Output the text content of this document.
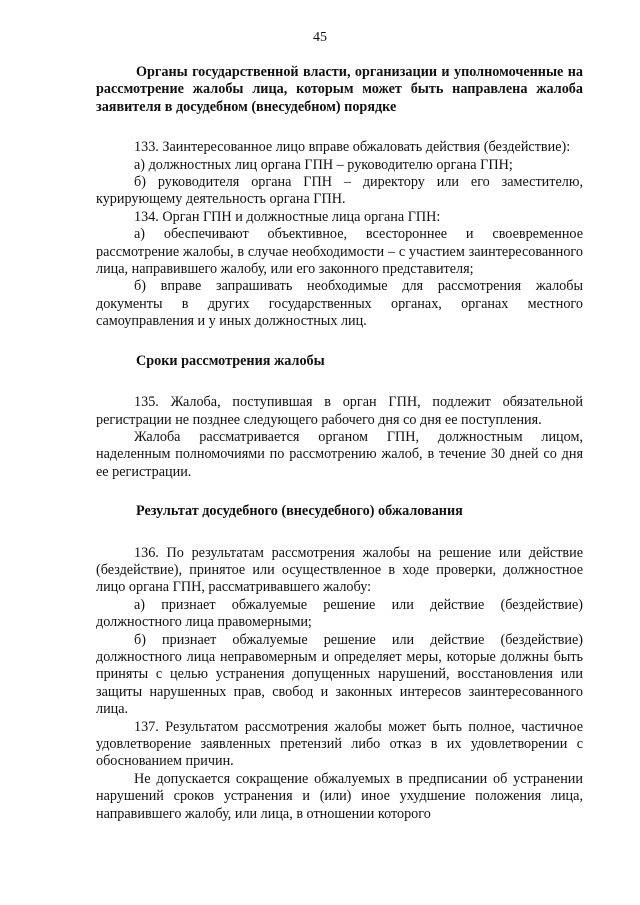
45

Органы государственной власти, организации и уполномоченные на рассмотрение жалобы лица, которым может быть направлена жалоба заявителя в досудебном (внесудебном) порядке

133. Заинтересованное лицо вправе обжаловать действия (бездействие):

а) должностных лиц органа ГПН – руководителю органа ГПН;

б) руководителя органа ГПН – директору или его заместителю, курирующему деятельность органа ГПН.

134. Орган ГПН и должностные лица органа ГПН:

а) обеспечивают объективное, всестороннее и своевременное рассмотрение жалобы, в случае необходимости – с участием заинтересованного лица, направившего жалобу, или его законного представителя;

б) вправе запрашивать необходимые для рассмотрения жалобы документы в других государственных органах, органах местного самоуправления и у иных должностных лиц.

Сроки рассмотрения жалобы

135. Жалоба, поступившая в орган ГПН, подлежит обязательной регистрации не позднее следующего рабочего дня со дня ее поступления.

Жалоба рассматривается органом ГПН, должностным лицом, наделенным полномочиями по рассмотрению жалоб, в течение 30 дней со дня ее регистрации.

Результат досудебного (внесудебного) обжалования

136. По результатам рассмотрения жалобы на решение или действие (бездействие), принятое или осуществленное в ходе проверки, должностное лицо органа ГПН, рассматривавшего жалобу:

а) признает обжалуемые решение или действие (бездействие) должностного лица правомерными;

б) признает обжалуемые решение или действие (бездействие) должностного лица неправомерным и определяет меры, которые должны быть приняты с целью устранения допущенных нарушений, восстановления или защиты нарушенных прав, свобод и законных интересов заинтересованного лица.

137. Результатом рассмотрения жалобы может быть полное, частичное удовлетворение заявленных претензий либо отказ в их удовлетворении с обоснованием причин.

Не допускается сокращение обжалуемых в предписании об устранении нарушений сроков устранения и (или) иное ухудшение положения лица, направившего жалобу, или лица, в отношении которого
